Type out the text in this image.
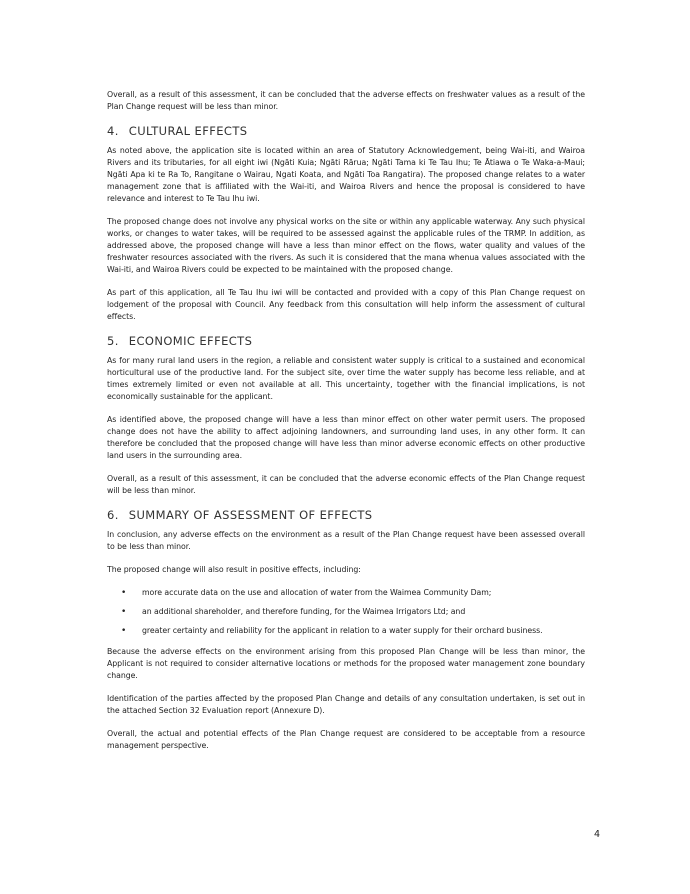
Overall, as a result of this assessment, it can be concluded that the adverse effects on freshwater values as a result of the Plan Change request will be less than minor.

4. CULTURAL EFFECTS

As noted above, the application site is located within an area of Statutory Acknowledgement, being Wai-iti, and Wairoa Rivers and its tributaries, for all eight iwi (Ngāti Kuia; Ngāti Rārua; Ngāti Tama ki Te Tau Ihu; Te Ātiawa o Te Waka-a-Maui; Ngāti Apa ki te Ra To, Rangitane o Wairau, Ngati Koata, and Ngāti Toa Rangatira). The proposed change relates to a water management zone that is affiliated with the Wai-iti, and Wairoa Rivers and hence the proposal is considered to have relevance and interest to Te Tau Ihu iwi.

The proposed change does not involve any physical works on the site or within any applicable waterway. Any such physical works, or changes to water takes, will be required to be assessed against the applicable rules of the TRMP. In addition, as addressed above, the proposed change will have a less than minor effect on the flows, water quality and values of the freshwater resources associated with the rivers. As such it is considered that the mana whenua values associated with the Wai-iti, and Wairoa Rivers could be expected to be maintained with the proposed change.

As part of this application, all Te Tau Ihu iwi will be contacted and provided with a copy of this Plan Change request on lodgement of the proposal with Council. Any feedback from this consultation will help inform the assessment of cultural effects.

5. ECONOMIC EFFECTS

As for many rural land users in the region, a reliable and consistent water supply is critical to a sustained and economical horticultural use of the productive land. For the subject site, over time the water supply has become less reliable, and at times extremely limited or even not available at all. This uncertainty, together with the financial implications, is not economically sustainable for the applicant.

As identified above, the proposed change will have a less than minor effect on other water permit users. The proposed change does not have the ability to affect adjoining landowners, and surrounding land uses, in any other form. It can therefore be concluded that the proposed change will have less than minor adverse economic effects on other productive land users in the surrounding area.

Overall, as a result of this assessment, it can be concluded that the adverse economic effects of the Plan Change request will be less than minor.

6. SUMMARY OF ASSESSMENT OF EFFECTS

In conclusion, any adverse effects on the environment as a result of the Plan Change request have been assessed overall to be less than minor.

The proposed change will also result in positive effects, including:

• more accurate data on the use and allocation of water from the Waimea Community Dam;
• an additional shareholder, and therefore funding, for the Waimea Irrigators Ltd; and
• greater certainty and reliability for the applicant in relation to a water supply for their orchard business.

Because the adverse effects on the environment arising from this proposed Plan Change will be less than minor, the Applicant is not required to consider alternative locations or methods for the proposed water management zone boundary change.

Identification of the parties affected by the proposed Plan Change and details of any consultation undertaken, is set out in the attached Section 32 Evaluation report (Annexure D).

Overall, the actual and potential effects of the Plan Change request are considered to be acceptable from a resource management perspective.

4
